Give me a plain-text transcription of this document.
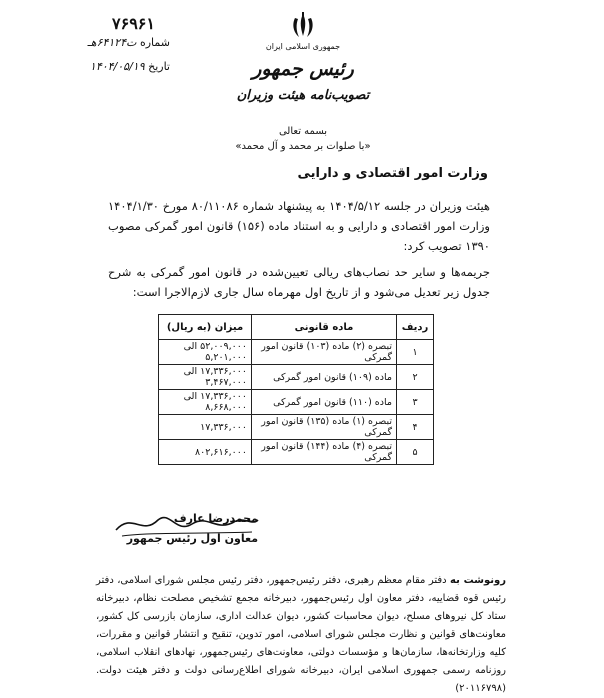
۷۶۹۶۱
شماره ت۶۴۱۲۴هـ
تاریخ ۱۴۰۴/۰۵/۱۹
جمهوری اسلامی ایران
رئیس جمهور
تصویب‌نامه هیئت وزیران
بسمه تعالی
«با صلوات بر محمد و آل محمد»
وزارت امور اقتصادی و دارایی
هیئت وزیران در جلسه ۱۴۰۴/۵/۱۲ به پیشنهاد شماره ۸۰/۱۱۰۸۶ مورخ ۱۴۰۴/۱/۳۰ وزارت امور اقتصادی و دارایی و به استناد ماده (۱۵۶) قانون امور گمرکی مصوب ۱۳۹۰ تصویب کرد:
جریمه‌ها و سایر حد نصاب‌های ریالی تعیین‌شده در قانون امور گمرکی به شرح جدول زیر تعدیل می‌شود و از تاریخ اول مهرماه سال جاری لازم‌الاجرا است:
ردیف	ماده قانونی	میزان (به ریال)
۱	تبصره (۲) ماده (۱۰۳) قانون امور گمرکی	۵۲,۰۰۹,۰۰۰ الی ۵,۲۰۱,۰۰۰
۲	ماده (۱۰۹) قانون امور گمرکی	۱۷,۳۳۶,۰۰۰ الی ۳,۴۶۷,۰۰۰
۳	ماده (۱۱۰) قانون امور گمرکی	۱۷,۳۳۶,۰۰۰ الی ۸,۶۶۸,۰۰۰
۴	تبصره (۱) ماده (۱۳۵) قانون امور گمرکی	۱۷,۳۳۶,۰۰۰
۵	تبصره (۴) ماده (۱۴۴) قانون امور گمرکی	۸۰۲,۶۱۶,۰۰۰
محمدرضا عارف
معاون اول رئیس جمهور
رونوشت به دفتر مقام معظم رهبری، دفتر رئیس‌جمهور، دفتر رئیس مجلس شورای اسلامی، دفتر رئیس قوه قضاییه، دفتر معاون اول رئیس‌جمهور، دبیرخانه مجمع تشخیص مصلحت نظام، دبیرخانه ستاد کل نیروهای مسلح، دیوان محاسبات کشور، دیوان عدالت اداری، سازمان بازرسی کل کشور، معاونت‌های قوانین و نظارت مجلس شورای اسلامی، امور تدوین، تنقیح و انتشار قوانین و مقررات، کلیه وزارتخانه‌ها، سازمان‌ها و مؤسسات دولتی، معاونت‌های رئیس‌جمهور، نهادهای انقلاب اسلامی، روزنامه رسمی جمهوری اسلامی ایران، دبیرخانه شورای اطلاع‌رسانی دولت و دفتر هیئت دولت. (۲۰۱۱۶۷۹۸)
